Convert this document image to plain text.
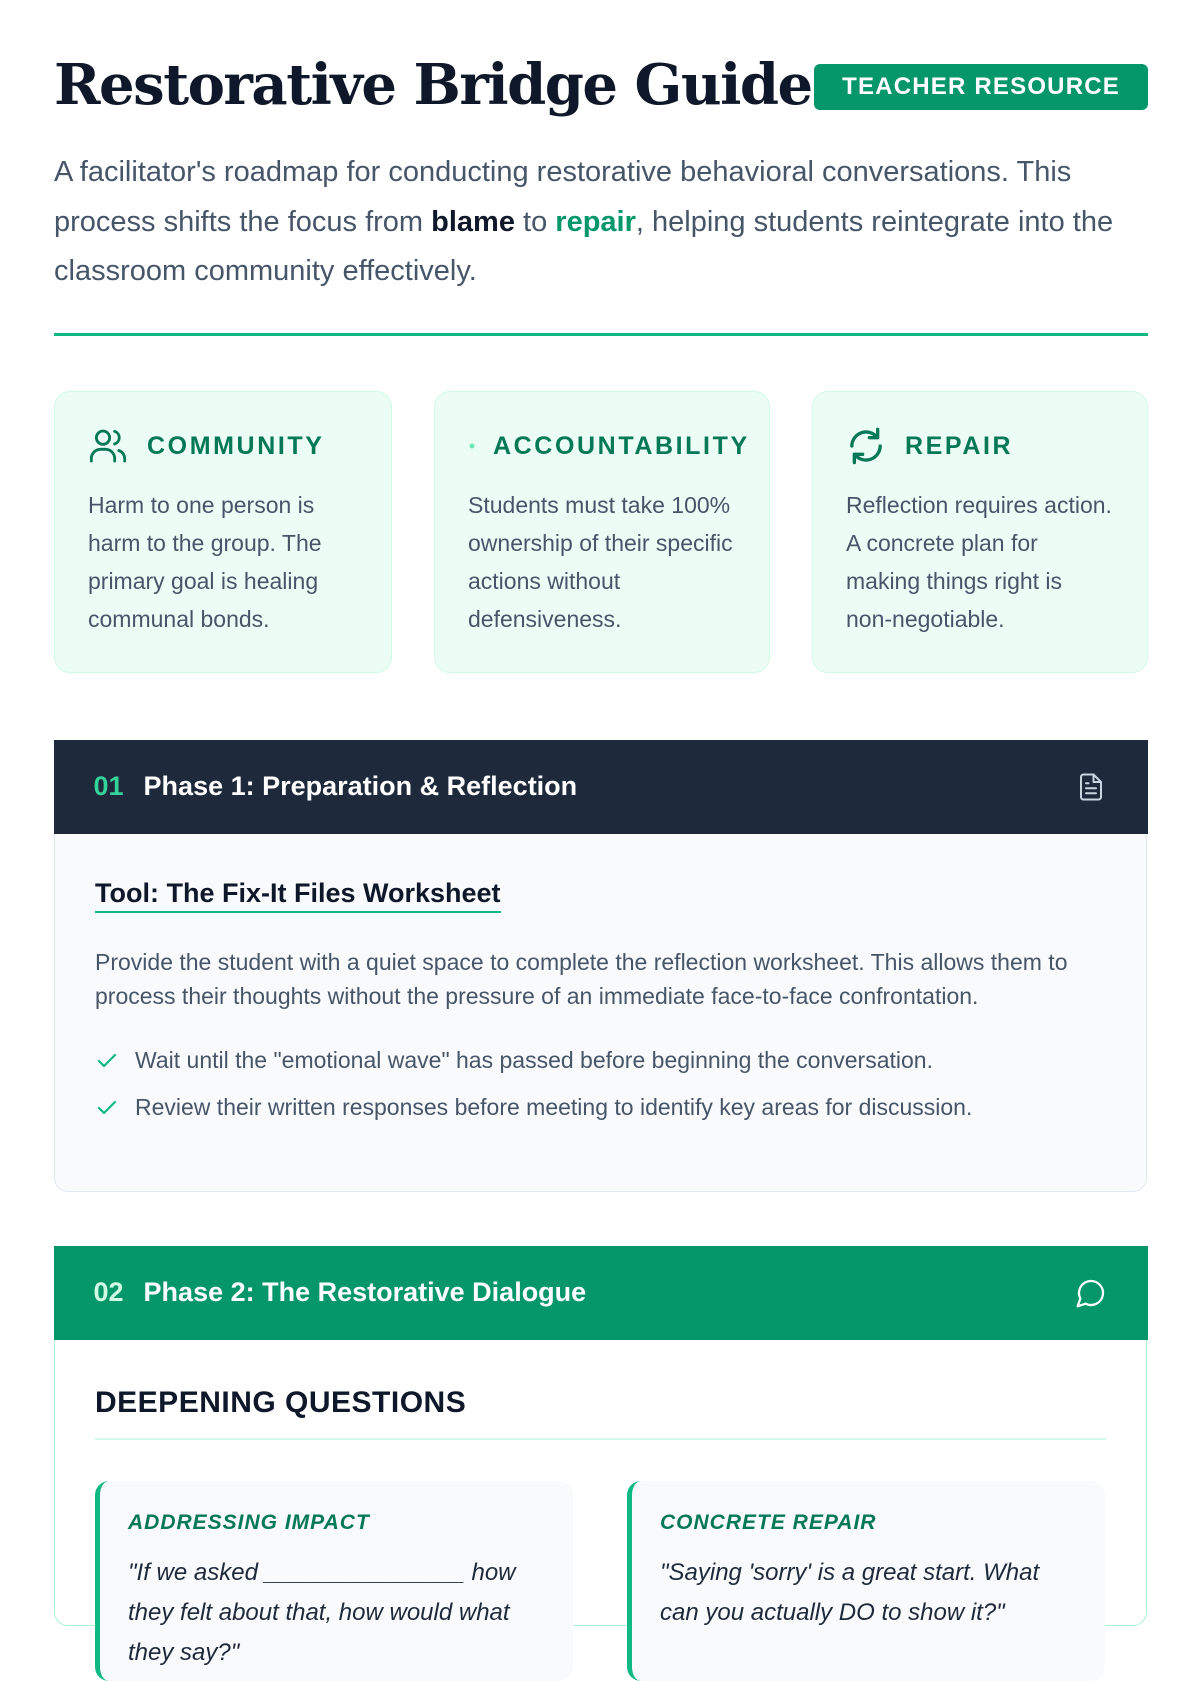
Restorative Bridge Guide	TEACHER RESOURCE

A facilitator's roadmap for conducting restorative behavioral conversations. This process shifts the focus from blame to repair, helping students reintegrate into the classroom community effectively.

COMMUNITY

Harm to one person is harm to the group. The primary goal is healing communal bonds.

ACCOUNTABILITY

Students must take 100% ownership of their specific actions without defensiveness.

REPAIR

Reflection requires action. A concrete plan for making things right is non-negotiable.

01 Phase 1: Preparation & Reflection
Tool: The Fix-It Files Worksheet

Provide the student with a quiet space to complete the reflection worksheet. This allows them to process their thoughts without the pressure of an immediate face-to-face confrontation.

Wait until the "emotional wave" has passed before beginning the conversation.
Review their written responses before meeting to identify key areas for discussion.
02 Phase 2: The Restorative Dialogue
DEEPENING QUESTIONS
ADDRESSING IMPACT

"If we asked _______________ how they felt about that, how would what they say?"

CONCRETE REPAIR

"Saying 'sorry' is a great start. What can you actually DO to show it?"
